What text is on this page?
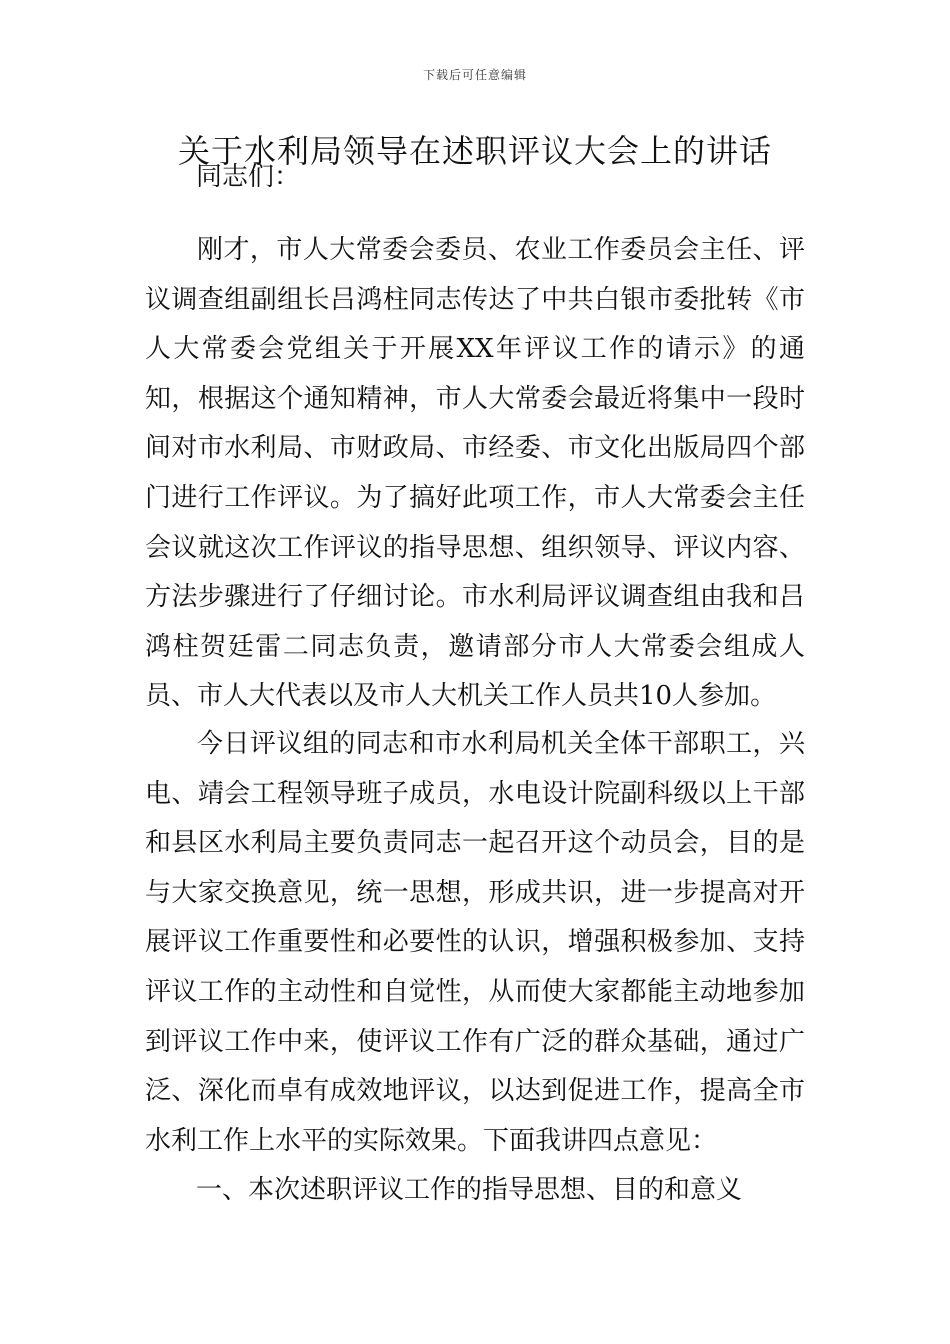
下载后可任意编辑
关于水利局领导在述职评议大会上的讲话
同志们：

刚才，市人大常委会委员、农业工作委员会主任、评议调查组副组长吕鸿柱同志传达了中共白银市委批转《市人大常委会党组关于开展XX年评议工作的请示》的通知，根据这个通知精神，市人大常委会最近将集中一段时间对市水利局、市财政局、市经委、市文化出版局四个部门进行工作评议。为了搞好此项工作，市人大常委会主任会议就这次工作评议的指导思想、组织领导、评议内容、方法步骤进行了仔细讨论。市水利局评议调查组由我和吕鸿柱贺廷雷二同志负责，邀请部分市人大常委会组成人员、市人大代表以及市人大机关工作人员共10人参加。

今日评议组的同志和市水利局机关全体干部职工，兴电、靖会工程领导班子成员，水电设计院副科级以上干部和县区水利局主要负责同志一起召开这个动员会，目的是与大家交换意见，统一思想，形成共识，进一步提高对开展评议工作重要性和必要性的认识，增强积极参加、支持评议工作的主动性和自觉性，从而使大家都能主动地参加到评议工作中来，使评议工作有广泛的群众基础，通过广泛、深化而卓有成效地评议，以达到促进工作，提高全市水利工作上水平的实际效果。下面我讲四点意见：

一、本次述职评议工作的指导思想、目的和意义
